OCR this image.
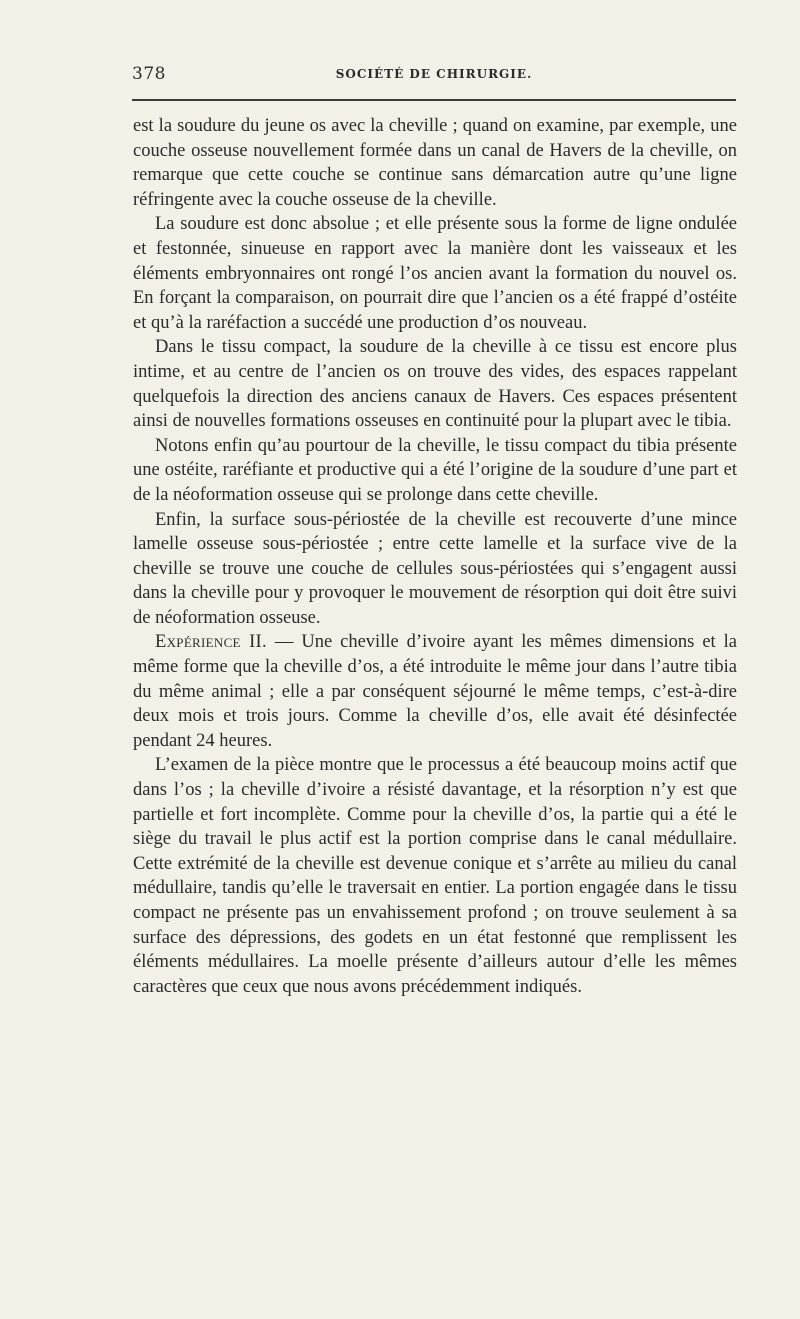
378	SOCIÉTÉ DE CHIRURGIE.

est la soudure du jeune os avec la cheville ; quand on examine, par exemple, une couche osseuse nouvellement formée dans un canal de Havers de la cheville, on remarque que cette couche se continue sans démarcation autre qu’une ligne réfringente avec la couche osseuse de la cheville.

La soudure est donc absolue ; et elle présente sous la forme de ligne ondulée et festonnée, sinueuse en rapport avec la manière dont les vaisseaux et les éléments embryonnaires ont rongé l’os ancien avant la formation du nouvel os. En forçant la comparaison, on pourrait dire que l’ancien os a été frappé d’ostéite et qu’à la raréfaction a succédé une production d’os nouveau.

Dans le tissu compact, la soudure de la cheville à ce tissu est encore plus intime, et au centre de l’ancien os on trouve des vides, des espaces rappelant quelquefois la direction des anciens canaux de Havers. Ces espaces présentent ainsi de nouvelles formations osseuses en continuité pour la plupart avec le tibia.

Notons enfin qu’au pourtour de la cheville, le tissu compact du tibia présente une ostéite, raréfiante et productive qui a été l’origine de la soudure d’une part et de la néoformation osseuse qui se prolonge dans cette cheville.

Enfin, la surface sous-périostée de la cheville est recouverte d’une mince lamelle osseuse sous-périostée ; entre cette lamelle et la surface vive de la cheville se trouve une couche de cellules sous-périostées qui s’engagent aussi dans la cheville pour y provoquer le mouvement de résorption qui doit être suivi de néoformation osseuse.

Expérience II. — Une cheville d’ivoire ayant les mêmes dimensions et la même forme que la cheville d’os, a été introduite le même jour dans l’autre tibia du même animal ; elle a par conséquent séjourné le même temps, c’est-à-dire deux mois et trois jours. Comme la cheville d’os, elle avait été désinfectée pendant 24 heures.

L’examen de la pièce montre que le processus a été beaucoup moins actif que dans l’os ; la cheville d’ivoire a résisté davantage, et la résorption n’y est que partielle et fort incomplète. Comme pour la cheville d’os, la partie qui a été le siège du travail le plus actif est la portion comprise dans le canal médullaire. Cette extrémité de la cheville est devenue conique et s’arrête au milieu du canal médullaire, tandis qu’elle le traversait en entier. La portion engagée dans le tissu compact ne présente pas un envahissement profond ; on trouve seulement à sa surface des dépressions, des godets en un état festonné que remplissent les éléments médullaires. La moelle présente d’ailleurs autour d’elle les mêmes caractères que ceux que nous avons précédemment indiqués.
